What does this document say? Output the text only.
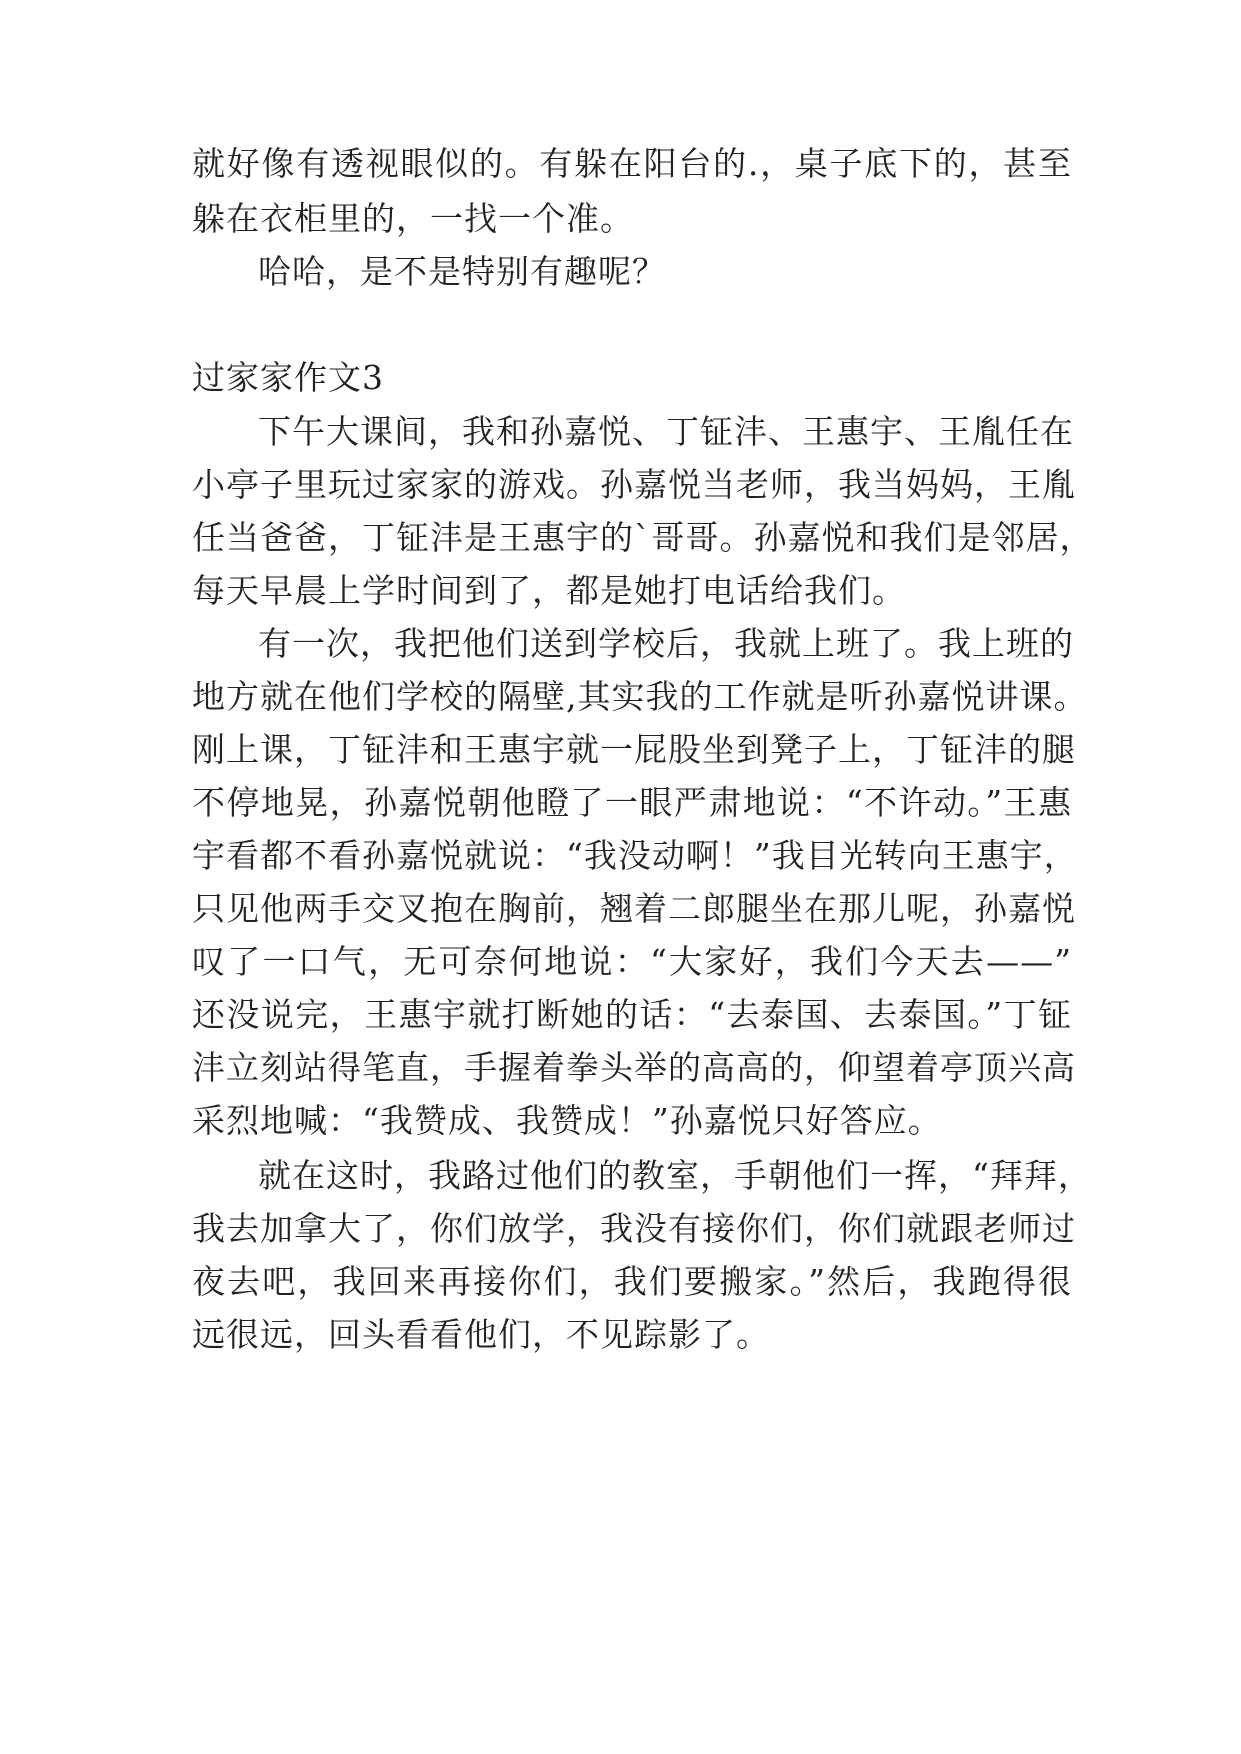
就好像有透视眼似的。有躲在阳台的.，桌子底下的，甚至
躲在衣柜里的，一找一个准。
哈哈，是不是特别有趣呢？
过家家作文3
下午大课间，我和孙嘉悦、丁钲沣、王惠宇、王胤任在
小亭子里玩过家家的游戏。孙嘉悦当老师，我当妈妈，王胤
任当爸爸，丁钲沣是王惠宇的`哥哥。孙嘉悦和我们是邻居，
每天早晨上学时间到了，都是她打电话给我们。
有一次，我把他们送到学校后，我就上班了。我上班的
地方就在他们学校的隔壁,其实我的工作就是听孙嘉悦讲课。
刚上课，丁钲沣和王惠宇就一屁股坐到凳子上，丁钲沣的腿
不停地晃，孙嘉悦朝他瞪了一眼严肃地说：“不许动。”王惠
宇看都不看孙嘉悦就说：“我没动啊！”我目光转向王惠宇，
只见他两手交叉抱在胸前，翘着二郎腿坐在那儿呢，孙嘉悦
叹了一口气，无可奈何地说：“大家好，我们今天去——”
还没说完，王惠宇就打断她的话：“去泰国、去泰国。”丁钲
沣立刻站得笔直，手握着拳头举的高高的，仰望着亭顶兴高
采烈地喊：“我赞成、我赞成！”孙嘉悦只好答应。
就在这时，我路过他们的教室，手朝他们一挥，“拜拜，
我去加拿大了，你们放学，我没有接你们，你们就跟老师过
夜去吧，我回来再接你们，我们要搬家。”然后，我跑得很
远很远，回头看看他们，不见踪影了。
